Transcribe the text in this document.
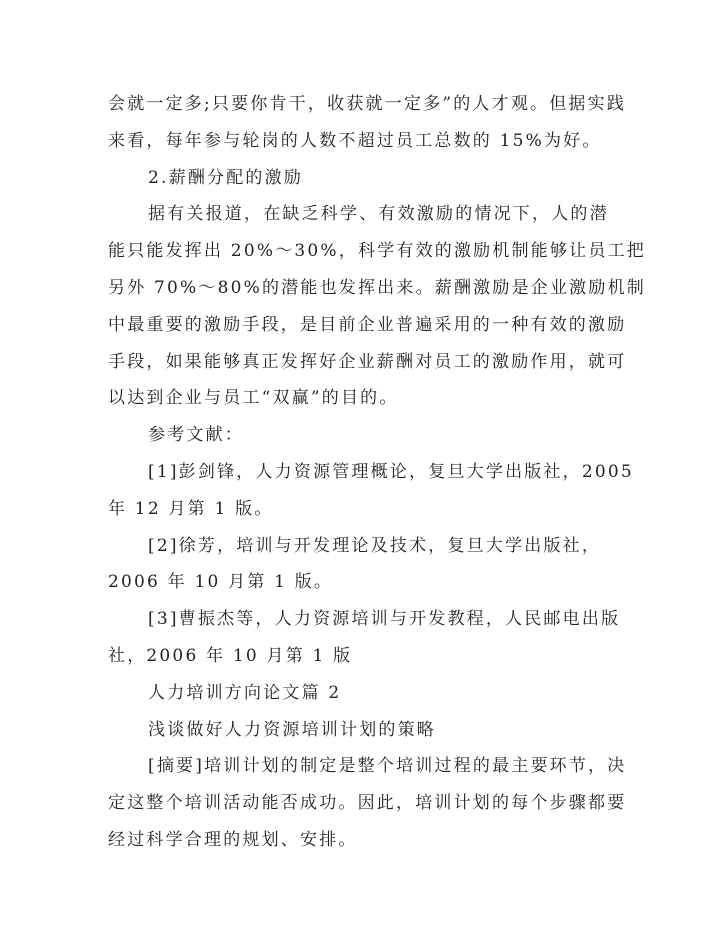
会就一定多;只要你肯干，收获就一定多”的人才观。但据实践
来看，每年参与轮岗的人数不超过员工总数的 15%为好。
2.薪酬分配的激励
据有关报道，在缺乏科学、有效激励的情况下，人的潜
能只能发挥出 20%～30%，科学有效的激励机制能够让员工把
另外 70%～80%的潜能也发挥出来。薪酬激励是企业激励机制
中最重要的激励手段，是目前企业普遍采用的一种有效的激励
手段，如果能够真正发挥好企业薪酬对员工的激励作用，就可
以达到企业与员工“双赢”的目的。
参考文献：
[1]彭剑锋，人力资源管理概论，复旦大学出版社，2005
年 12 月第 1 版。
[2]徐芳，培训与开发理论及技术，复旦大学出版社，
2006 年 10 月第 1 版。
[3]曹振杰等，人力资源培训与开发教程，人民邮电出版
社，2006 年 10 月第 1 版
人力培训方向论文篇 2
浅谈做好人力资源培训计划的策略
[摘要]培训计划的制定是整个培训过程的最主要环节，决
定这整个培训活动能否成功。因此，培训计划的每个步骤都要
经过科学合理的规划、安排。
